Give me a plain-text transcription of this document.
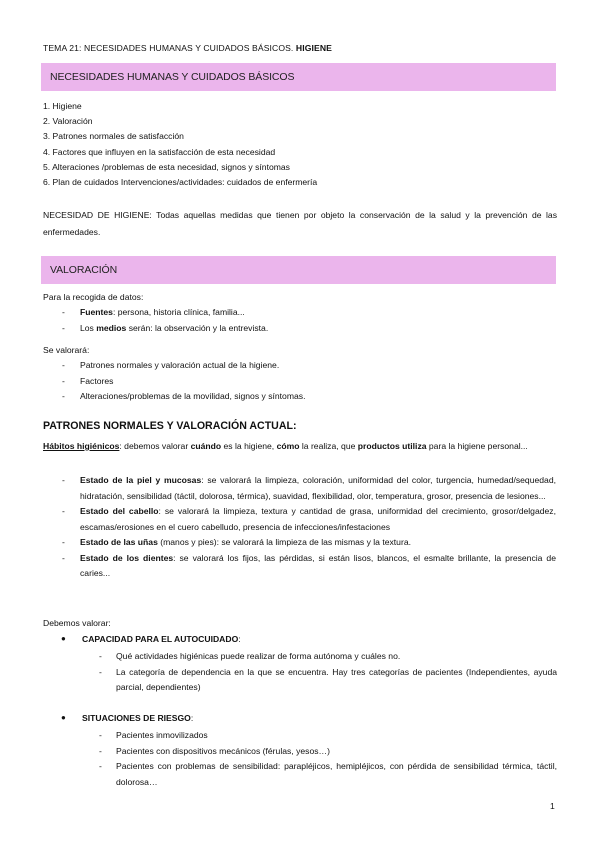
TEMA 21: NECESIDADES HUMANAS Y CUIDADOS BÁSICOS. HIGIENE
NECESIDADES HUMANAS Y CUIDADOS BÁSICOS
1. Higiene
2. Valoración
3. Patrones normales de satisfacción
4. Factores que influyen en la satisfacción de esta necesidad
5. Alteraciones /problemas de esta necesidad, signos y síntomas
6. Plan de cuidados Intervenciones/actividades: cuidados de enfermería
NECESIDAD DE HIGIENE: Todas aquellas medidas que tienen por objeto la conservación de la salud y la prevención de las enfermedades.
VALORACIÓN
Para la recogida de datos:
- Fuentes: persona, historia clínica, familia...
- Los medios serán: la observación y la entrevista.
Se valorará:
- Patrones normales y valoración actual de la higiene.
- Factores
- Alteraciones/problemas de la movilidad, signos y síntomas.
PATRONES NORMALES Y VALORACIÓN ACTUAL:
Hábitos higiénicos: debemos valorar cuándo es la higiene, cómo la realiza, que productos utiliza para la higiene personal...
- Estado de la piel y mucosas: se valorará la limpieza, coloración, uniformidad del color, turgencia, humedad/sequedad, hidratación, sensibilidad (táctil, dolorosa, térmica), suavidad, flexibilidad, olor, temperatura, grosor, presencia de lesiones...
- Estado del cabello: se valorará la limpieza, textura y cantidad de grasa, uniformidad del crecimiento, grosor/delgadez, escamas/erosiones en el cuero cabelludo, presencia de infecciones/infestaciones
- Estado de las uñas (manos y pies): se valorará la limpieza de las mismas y la textura.
- Estado de los dientes: se valorará los fijos, las pérdidas, si están lisos, blancos, el esmalte brillante, la presencia de caries...
Debemos valorar:
● CAPACIDAD PARA EL AUTOCUIDADO:
- Qué actividades higiénicas puede realizar de forma autónoma y cuáles no.
- La categoría de dependencia en la que se encuentra. Hay tres categorías de pacientes (Independientes, ayuda parcial, dependientes)
● SITUACIONES DE RIESGO:
- Pacientes inmovilizados
- Pacientes con dispositivos mecánicos (férulas, yesos…)
- Pacientes con problemas de sensibilidad: parapléjicos, hemipléjicos, con pérdida de sensibilidad térmica, táctil, dolorosa…
1
